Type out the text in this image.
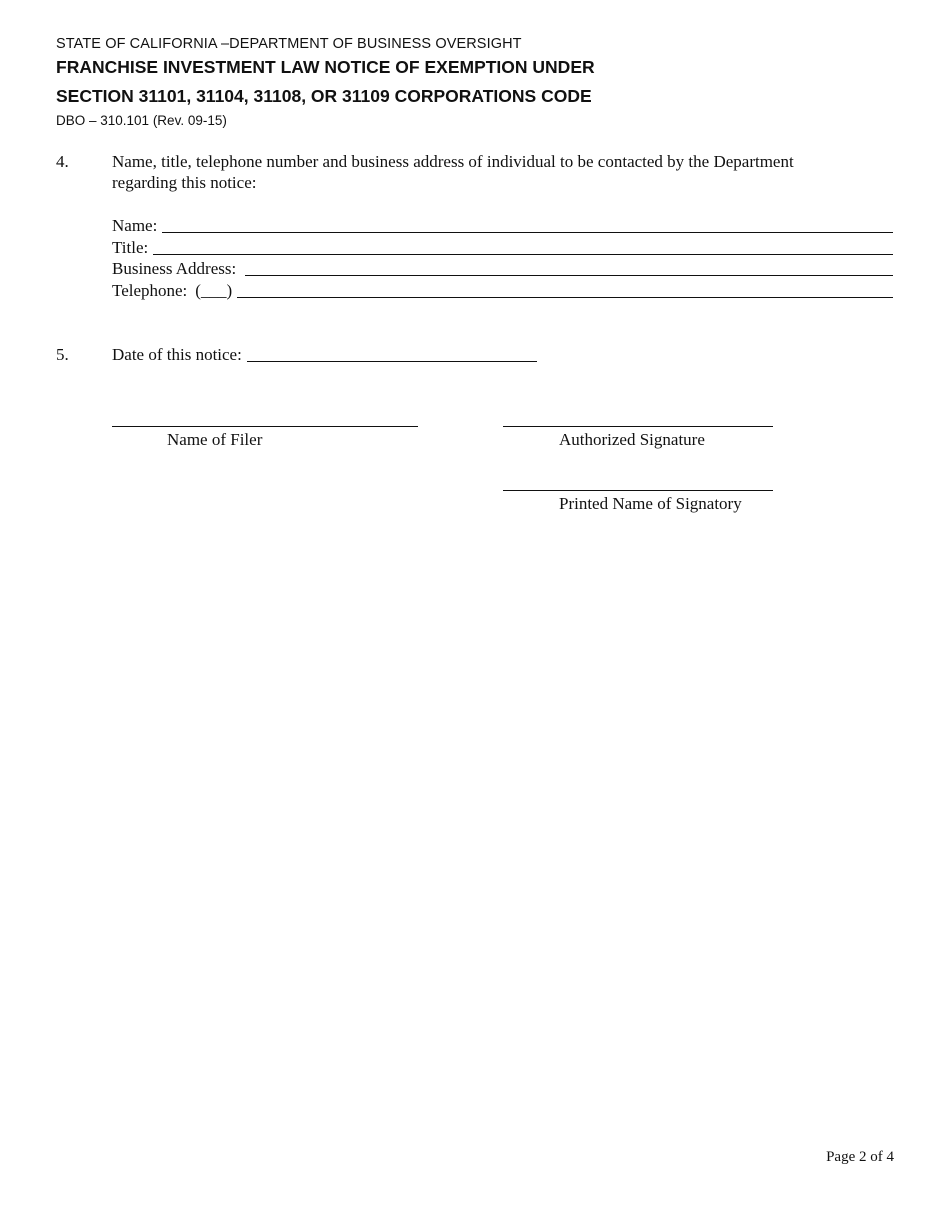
STATE OF CALIFORNIA –DEPARTMENT OF BUSINESS OVERSIGHT
FRANCHISE INVESTMENT LAW NOTICE OF EXEMPTION UNDER
SECTION 31101, 31104, 31108, OR 31109 CORPORATIONS CODE
DBO – 310.101 (Rev. 09-15)
4.	Name, title, telephone number and business address of individual to be contacted by the Department
regarding this notice:
Name:
Title:
Business Address:
Telephone: (___)
5.	Date of this notice:
Name of Filer	Authorized Signature
Printed Name of Signatory
Page 2 of 4
